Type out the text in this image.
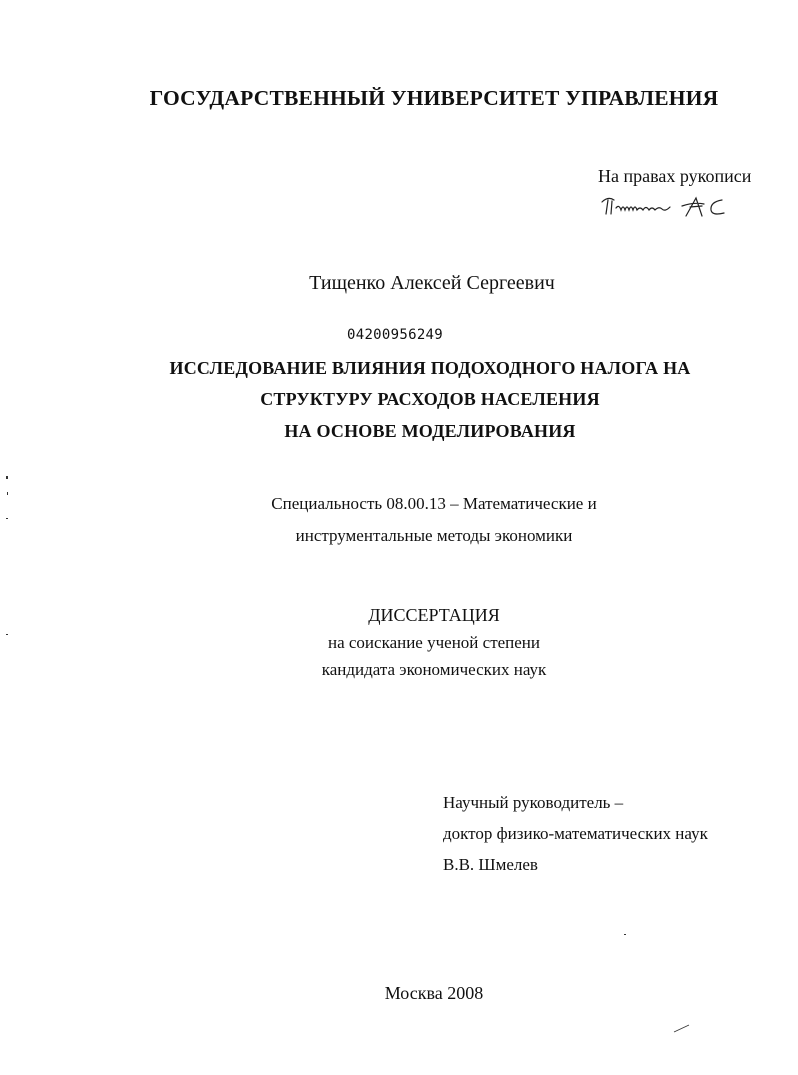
ГОСУДАРСТВЕННЫЙ УНИВЕРСИТЕТ УПРАВЛЕНИЯ
На правах рукописи
Тищенко Алексей Сергеевич
04200956249
ИССЛЕДОВАНИЕ ВЛИЯНИЯ ПОДОХОДНОГО НАЛОГА НА
СТРУКТУРУ РАСХОДОВ НАСЕЛЕНИЯ
НА ОСНОВЕ МОДЕЛИРОВАНИЯ
Специальность 08.00.13 – Математические и
инструментальные методы экономики
ДИССЕРТАЦИЯ
на соискание ученой степени
кандидата экономических наук
Научный руководитель –
доктор физико-математических наук
В.В. Шмелев
Москва 2008
